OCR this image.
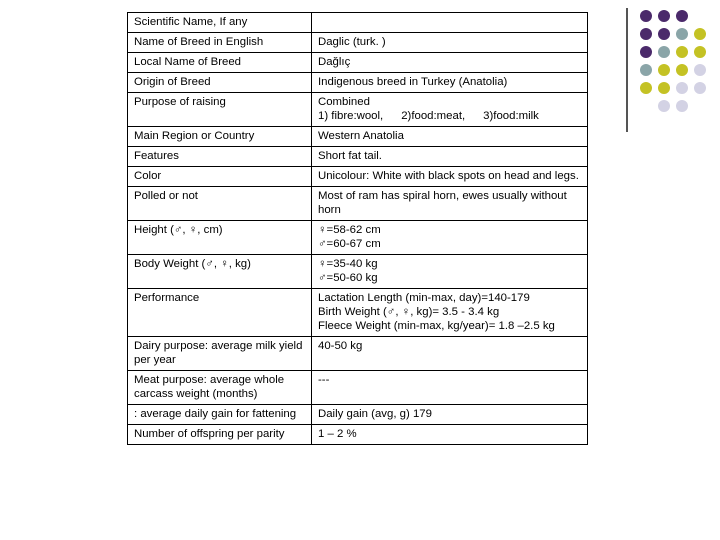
Scientific Name, If any	
Name of Breed in English	Daglic (turk. )
Local Name of Breed	Dağlıç
Origin of Breed	Indigenous breed in Turkey (Anatolia)
Purpose of raising	Combined
1) fibre:wool, 2)food:meat, 3)food:milk

Main Region or Country	Western Anatolia
Features	Short fat tail.
Color	Unicolour: White with black spots on head and legs.
Polled or not	Most of ram has spiral horn, ewes usually without horn
Height (♂, ♀, cm)	♀=58-62 cm
♂=60-67 cm

Body Weight (♂, ♀, kg)	♀=35-40 kg
♂=50-60 kg

Performance	Lactation Length (min-max, day)=140-179
Birth Weight (♂, ♀, kg)= 3.5 - 3.4 kg
Fleece Weight (min-max, kg/year)= 1.8 –2.5 kg

Dairy purpose: average milk yield per year	40-50 kg
Meat purpose: average whole carcass weight (months)	---
: average daily gain for fattening	Daily gain (avg, g) 179
Number of offspring per parity	1 – 2 %
